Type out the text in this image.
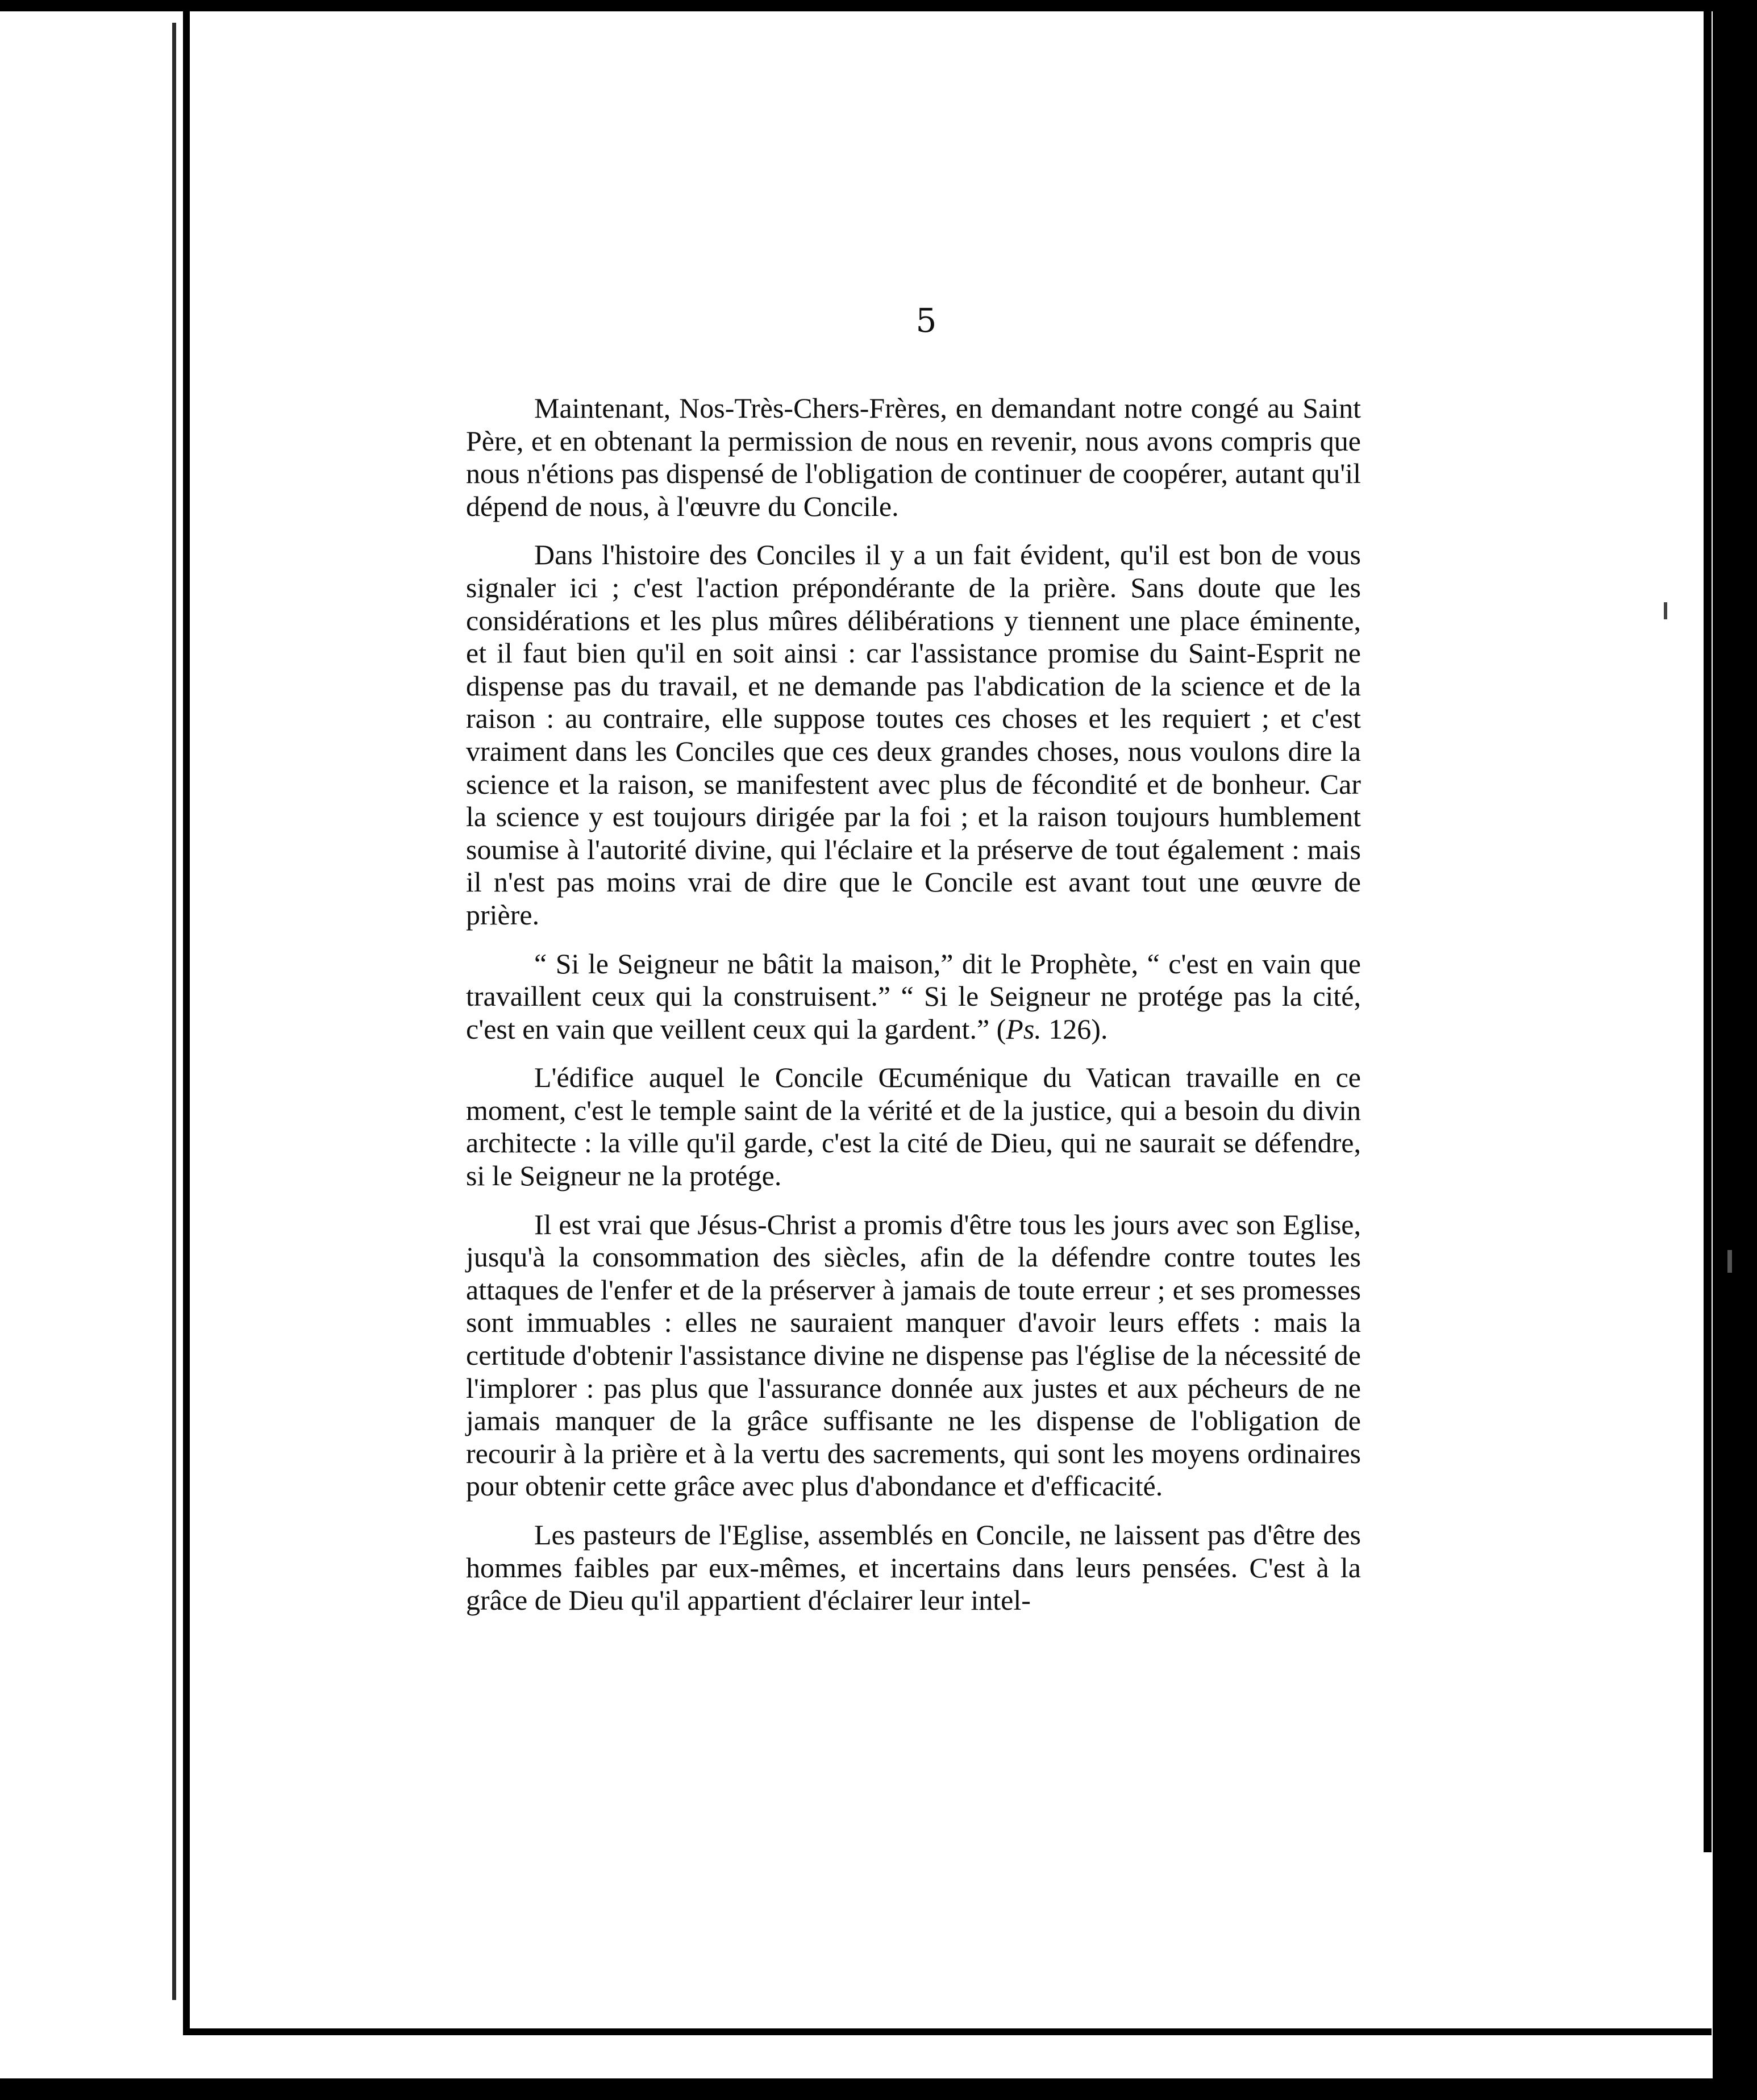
5

Maintenant, Nos-Très-Chers-Frères, en demandant notre congé au Saint Père, et en obtenant la permission de nous en revenir, nous avons compris que nous n'étions pas dispensé de l'obligation de continuer de coopérer, autant qu'il dépend de nous, à l'œuvre du Concile.

Dans l'histoire des Conciles il y a un fait évident, qu'il est bon de vous signaler ici ; c'est l'action prépondérante de la prière. Sans doute que les considérations et les plus mûres délibérations y tiennent une place éminente, et il faut bien qu'il en soit ainsi : car l'assistance promise du Saint-Esprit ne dispense pas du travail, et ne demande pas l'abdication de la science et de la raison : au contraire, elle suppose toutes ces choses et les requiert ; et c'est vraiment dans les Conciles que ces deux grandes choses, nous voulons dire la science et la raison, se manifestent avec plus de fécondité et de bonheur. Car la science y est toujours dirigée par la foi ; et la raison toujours humblement soumise à l'autorité divine, qui l'éclaire et la préserve de tout également : mais il n'est pas moins vrai de dire que le Concile est avant tout une œuvre de prière.

“ Si le Seigneur ne bâtit la maison,” dit le Prophète, “ c'est en vain que travaillent ceux qui la construisent.” “ Si le Seigneur ne protége pas la cité, c'est en vain que veillent ceux qui la gardent.” (Ps. 126).

L'édifice auquel le Concile Œcuménique du Vatican travaille en ce moment, c'est le temple saint de la vérité et de la justice, qui a besoin du divin architecte : la ville qu'il garde, c'est la cité de Dieu, qui ne saurait se défendre, si le Seigneur ne la protége.

Il est vrai que Jésus-Christ a promis d'être tous les jours avec son Eglise, jusqu'à la consommation des siècles, afin de la défendre contre toutes les attaques de l'enfer et de la préserver à jamais de toute erreur ; et ses promesses sont immuables : elles ne sauraient manquer d'avoir leurs effets : mais la certitude d'obtenir l'assistance divine ne dispense pas l'église de la nécessité de l'implorer : pas plus que l'assurance donnée aux justes et aux pécheurs de ne jamais manquer de la grâce suffisante ne les dispense de l'obligation de recourir à la prière et à la vertu des sacrements, qui sont les moyens ordinaires pour obtenir cette grâce avec plus d'abondance et d'efficacité.

Les pasteurs de l'Eglise, assemblés en Concile, ne laissent pas d'être des hommes faibles par eux-mêmes, et incertains dans leurs pensées. C'est à la grâce de Dieu qu'il appartient d'éclairer leur intel-
